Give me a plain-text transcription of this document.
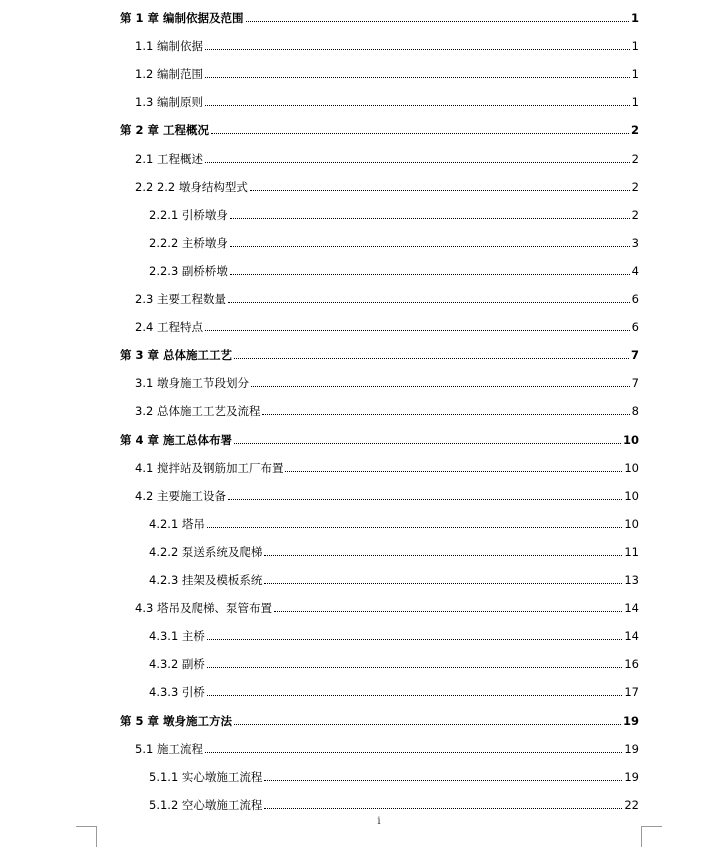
第 1 章 编制依据及范围	1
1.1 编制依据	1
1.2 编制范围	1
1.3 编制原则	1
第 2 章 工程概况	2
2.1 工程概述	2
2.2 2.2 墩身结构型式	2
2.2.1 引桥墩身	2
2.2.2 主桥墩身	3
2.2.3 副桥桥墩	4
2.3 主要工程数量	6
2.4 工程特点	6
第 3 章 总体施工工艺	7
3.1 墩身施工节段划分	7
3.2 总体施工工艺及流程	8
第 4 章 施工总体布署	10
4.1 搅拌站及钢筋加工厂布置	10
4.2 主要施工设备	10
4.2.1 塔吊	10
4.2.2 泵送系统及爬梯	11
4.2.3 挂架及模板系统	13
4.3 塔吊及爬梯、泵管布置	14
4.3.1 主桥	14
4.3.2 副桥	16
4.3.3 引桥	17
第 5 章 墩身施工方法	19
5.1 施工流程	19
5.1.1 实心墩施工流程	19
5.1.2 空心墩施工流程	22
i
